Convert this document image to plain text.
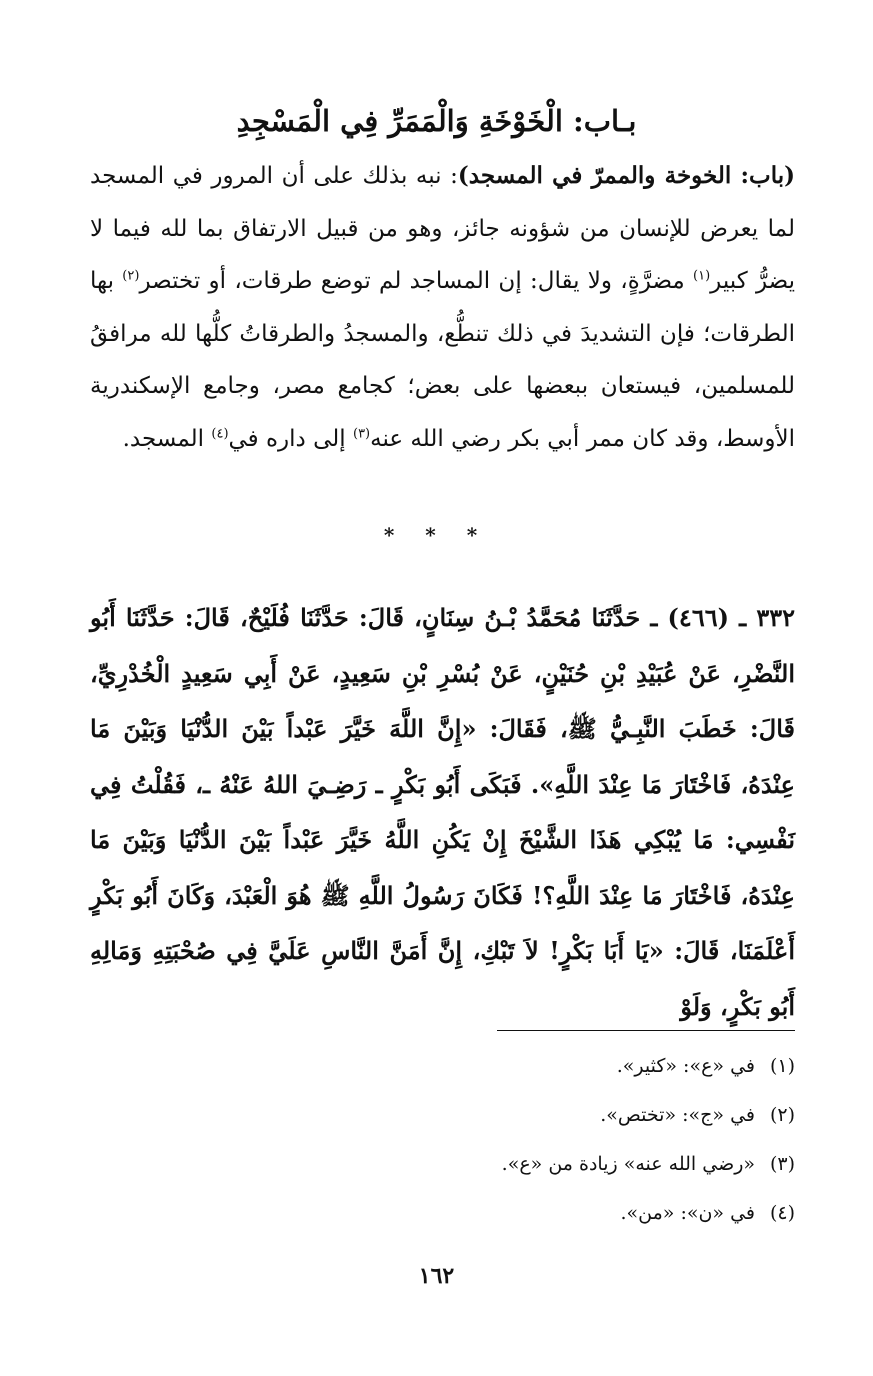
بـاب: الْخَوْخَةِ وَالْمَمَرِّ فِي الْمَسْجِدِ

(باب: الخوخة والممرّ في المسجد): نبه بذلك على أن المرور في المسجد لما يعرض للإنسان من شؤونه جائز، وهو من قبيل الارتفاق بما لله فيما لا يضرُّ كبير$^{(١)}$ مضرَّةٍ، ولا يقال: إن المساجد لم توضع طرقات، أو تختصر$^{(٢)}$ بها الطرقات؛ فإن التشديدَ في ذلك تنطُّع، والمسجدُ والطرقاتُ كلُّها لله مرافقُ للمسلمين، فيستعان ببعضها على بعض؛ كجامع مصر، وجامع الإسكندرية الأوسط، وقد كان ممر أبي بكر رضي الله عنه$^{(٣)}$ إلى داره في$^{(٤)}$ المسجد.

* * *

٣٣٢ ـ (٤٦٦) ـ حَدَّثَنَا مُحَمَّدُ بْـنُ سِنَانٍ، قَالَ: حَدَّثَنَا فُلَيْحٌ، قَالَ: حَدَّثَنَا أَبُو النَّضْرِ، عَنْ عُبَيْدِ بْنِ حُنَيْنٍ، عَنْ بُسْرِ بْنِ سَعِيدٍ، عَنْ أَبِي سَعِيدٍ الْخُدْرِيِّ، قَالَ: خَطَبَ النَّبِـيُّ ﷺ، فَقَالَ: «إِنَّ اللَّهَ خَيَّرَ عَبْداً بَيْنَ الدُّنْيَا وَبَيْنَ مَا عِنْدَهُ، فَاخْتَارَ مَا عِنْدَ اللَّهِ». فَبَكَى أَبُو بَكْرٍ ـ رَضِـيَ اللهُ عَنْهُ ـ، فَقُلْتُ فِي نَفْسِي: مَا يُبْكِي هَذَا الشَّيْخَ إِنْ يَكُنِ اللَّهُ خَيَّرَ عَبْداً بَيْنَ الدُّنْيَا وَبَيْنَ مَا عِنْدَهُ، فَاخْتَارَ مَا عِنْدَ اللَّهِ؟! فَكَانَ رَسُولُ اللَّهِ ﷺ هُوَ الْعَبْدَ، وَكَانَ أَبُو بَكْرٍ أَعْلَمَنَا، قَالَ: «يَا أَبَا بَكْرٍ! لاَ تَبْكِ، إِنَّ أَمَنَّ النَّاسِ عَلَيَّ فِي صُحْبَتِهِ وَمَالِهِ أَبُو بَكْرٍ، وَلَوْ

(١)في «ع»: «كثير».
(٢)في «ج»: «تختص».
(٣)«رضي الله عنه» زيادة من «ع».
(٤)في «ن»: «من».
١٦٢
